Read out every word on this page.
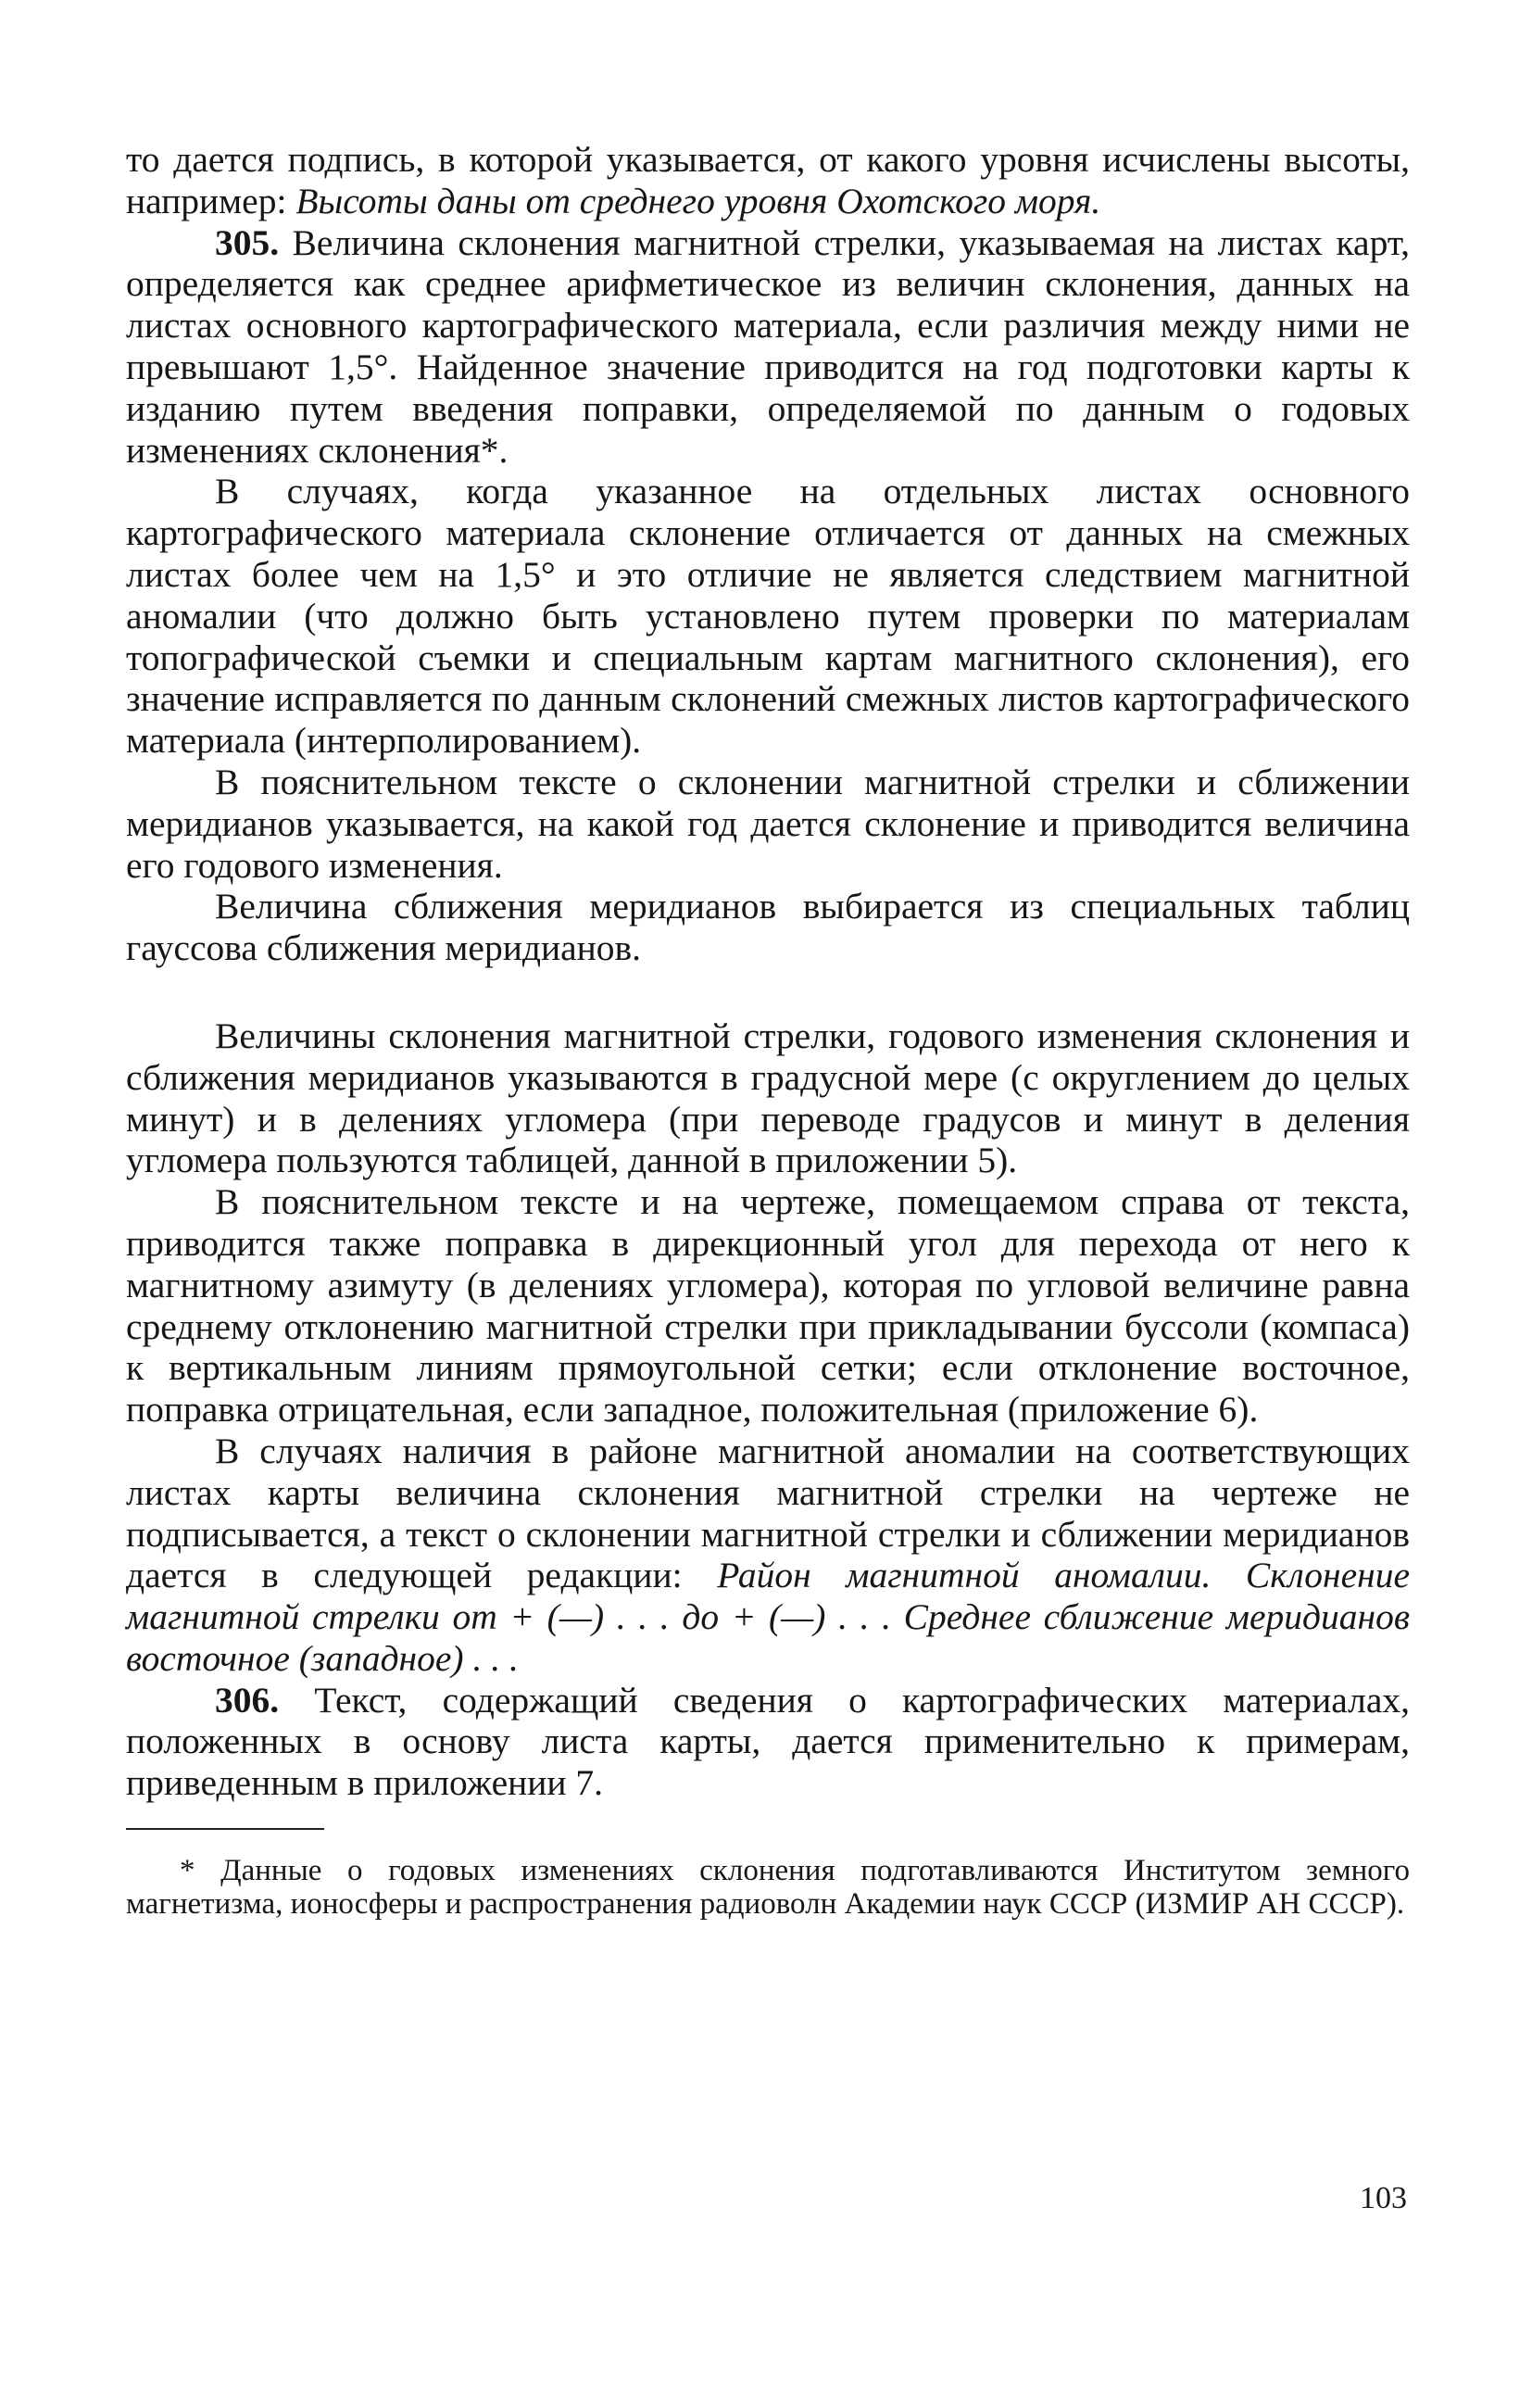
то дается подпись, в которой указывается, от какого уровня исчислены высоты, например: Высоты даны от среднего уровня Охотского моря.

305. Величина склонения магнитной стрелки, указываемая на листах карт, определяется как среднее арифметическое из величин склонения, данных на листах основного картографического материала, если различия между ними не превышают 1,5°. Найденное значение приводится на год подготовки карты к изданию путем введения поправки, определяемой по данным о годовых изменениях склонения*.

В случаях, когда указанное на отдельных листах основного картографического материала склонение отличается от данных на смежных листах более чем на 1,5° и это отличие не является следствием магнитной аномалии (что должно быть установлено путем проверки по материалам топографической съемки и специальным картам магнитного склонения), его значение исправляется по данным склонений смежных листов картографического материала (интерполированием).

В пояснительном тексте о склонении магнитной стрелки и сближении меридианов указывается, на какой год дается склонение и приводится величина его годового изменения.

Величина сближения меридианов выбирается из специальных таблиц гауссова сближения меридианов.

Величины склонения магнитной стрелки, годового изменения склонения и сближения меридианов указываются в градусной мере (с округлением до целых минут) и в делениях угломера (при переводе градусов и минут в деления угломера пользуются таблицей, данной в приложении 5).

В пояснительном тексте и на чертеже, помещаемом справа от текста, приводится также поправка в дирекционный угол для перехода от него к магнитному азимуту (в делениях угломера), которая по угловой величине равна среднему отклонению магнитной стрелки при прикладывании буссоли (компаса) к вертикальным линиям прямоугольной сетки; если отклонение восточное, поправка отрицательная, если западное, положительная (приложение 6).

В случаях наличия в районе магнитной аномалии на соответствующих листах карты величина склонения магнитной стрелки на чертеже не подписывается, а текст о склонении магнитной стрелки и сближении меридианов дается в следующей редакции: Район магнитной аномалии. Склонение магнитной стрелки от + (—) . . . до + (—) . . . Среднее сближение меридианов восточное (западное) . . .

306. Текст, содержащий сведения о картографических материалах, положенных в основу листа карты, дается применительно к примерам, приведенным в приложении 7.

* Данные о годовых изменениях склонения подготавливаются Институтом земного магнетизма, ионосферы и распространения радиоволн Академии наук СССР (ИЗМИР АН СССР).

103
